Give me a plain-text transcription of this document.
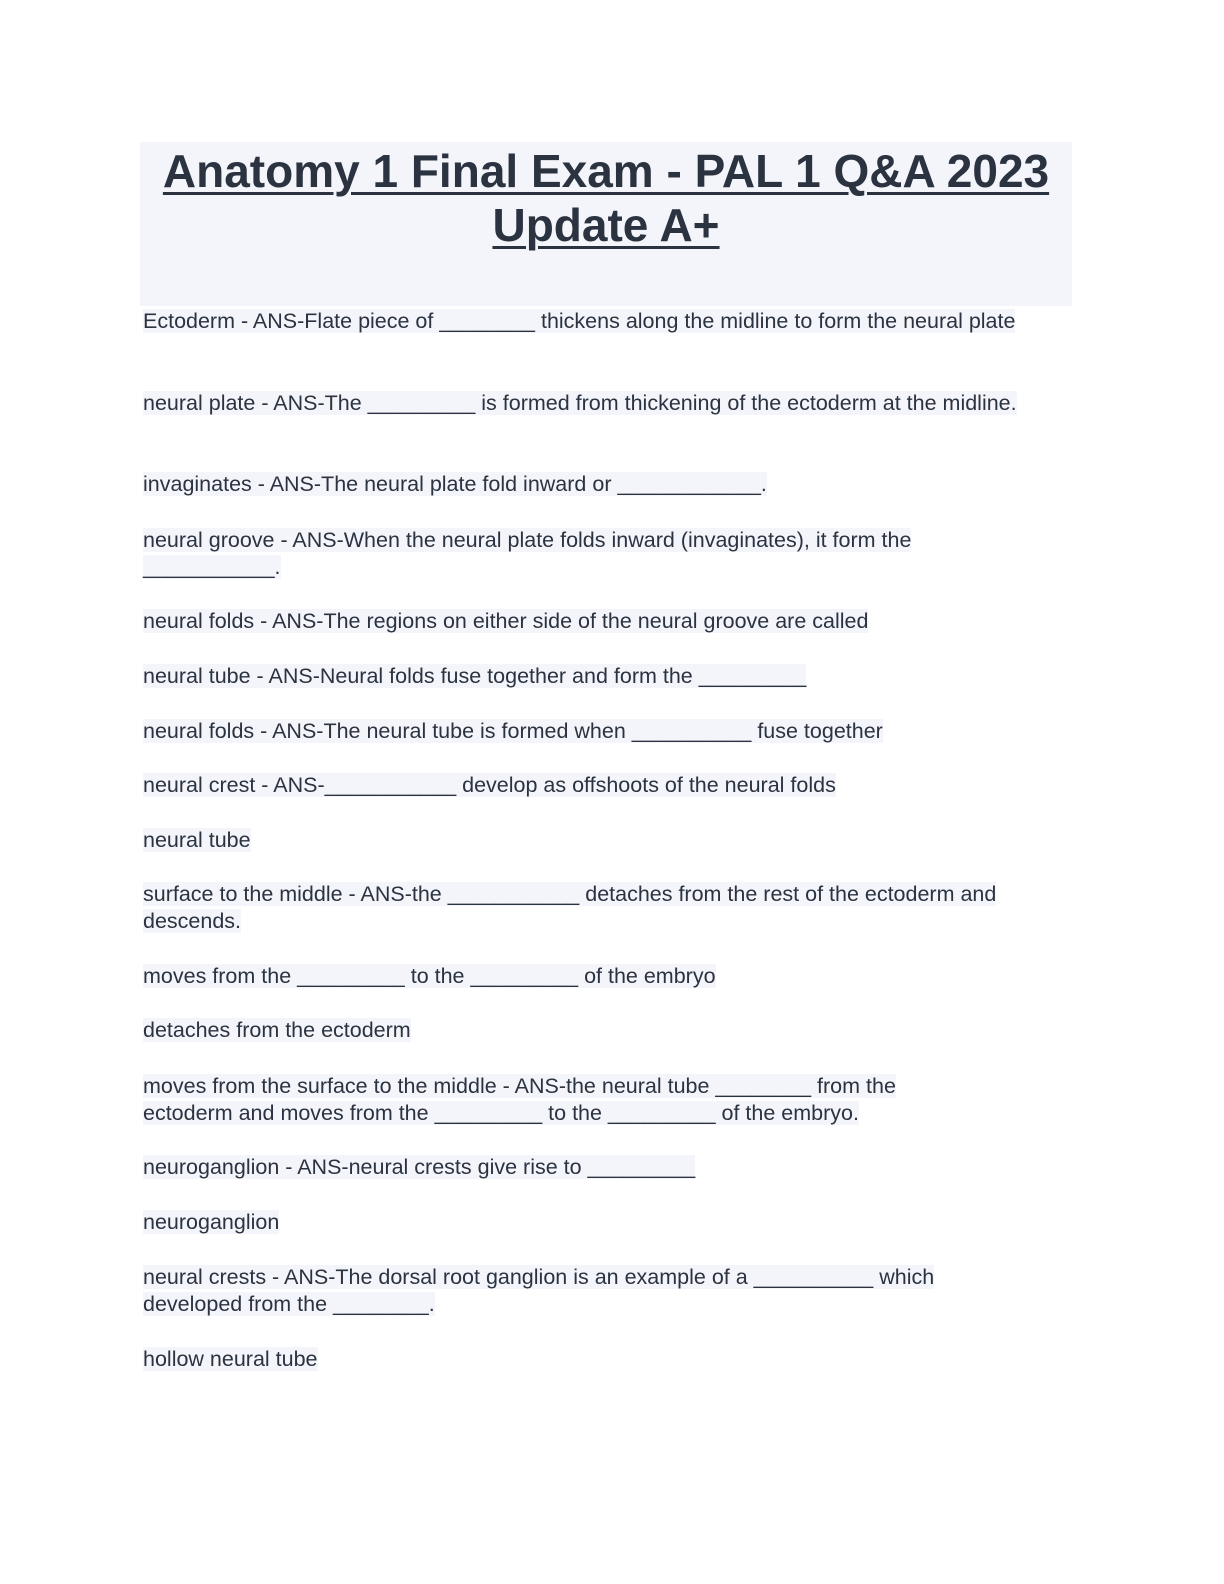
Anatomy 1 Final Exam - PAL 1 Q&A 2023 Update A+

Ectoderm - ANS-Flate piece of ________ thickens along the midline to form the neural plate

neural plate - ANS-The _________ is formed from thickening of the ectoderm at the midline.

invaginates - ANS-The neural plate fold inward or ____________.

neural groove - ANS-When the neural plate folds inward (invaginates), it form the ___________.

neural folds - ANS-The regions on either side of the neural groove are called

neural tube - ANS-Neural folds fuse together and form the _________

neural folds - ANS-The neural tube is formed when __________ fuse together

neural crest - ANS-___________ develop as offshoots of the neural folds

neural tube

surface to the middle - ANS-the ___________ detaches from the rest of the ectoderm and descends.

moves from the _________ to the _________ of the embryo

detaches from the ectoderm

moves from the surface to the middle - ANS-the neural tube ________ from the ectoderm and moves from the _________ to the _________ of the embryo.

neuroganglion - ANS-neural crests give rise to _________

neuroganglion

neural crests - ANS-The dorsal root ganglion is an example of a __________ which developed from the ________.

hollow neural tube
